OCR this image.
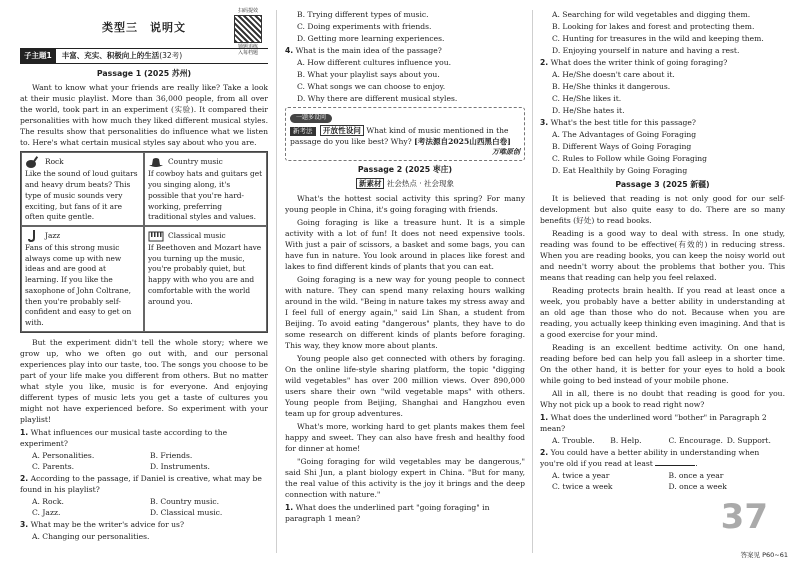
类型三　说明文
扫码提效
锁题追练
入每档题
子主题1	丰富、充实、积极向上的生活 (32考)
Passage 1 (2025 苏州)

Want to know what your friends are really like? Take a look at their music playlist. More than 36,000 people, from all over the world, took part in an experiment (实验). It compared their personalities with how much they liked different musical styles. The results show that personalities do influence what we listen to. Here's what certain musical styles say about who you are.

Rock
Like the sound of loud guitars and heavy drum beats? This type of music sounds very exciting, but fans of it are often quite gentle.
Country music
If cowboy hats and guitars get you singing along, it's possible that you're hard-working, preferring traditional styles and values.
Jazz
Fans of this strong music always come up with new ideas and are good at learning. If you like the saxophone of John Coltrane, then you're probably self-confident and easy to get on with.
Classical music
If Beethoven and Mozart have you turning up the music, you're probably quiet, but happy with who you are and comfortable with the world around you.

But the experiment didn't tell the whole story; where we grow up, who we often go out with, and our personal experiences play into our taste, too. The songs you choose to be part of your life make you different from others. But no matter what style you like, music is for everyone. And enjoying different types of music lets you get a taste of cultures you might not have experienced before. So experiment with your playlist!

1. What influences our musical taste according to the experiment?
A. Personalities.	B. Friends.
C. Parents.	D. Instruments.
2. According to the passage, if Daniel is creative, what may be found in his playlist?
A. Rock.	B. Country music.
C. Jazz.	D. Classical music.
3. What may be the writer's advice for us?
A. Changing our personalities.
B. Trying different types of music.
C. Doing experiments with friends.
D. Getting more learning experiences.
4. What is the main idea of the passage?
A. How different cultures influence you.
B. What your playlist says about you.
C. What songs we can choose to enjoy.
D. Why there are different musical styles.
一题多设问
新考法 开放性设问 What kind of music mentioned in the passage do you like best? Why? [考法源自2025山西黑白卷]
万唯原创
Passage 2 (2025 枣庄)
新素材 社会热点 · 社会现象

What's the hottest social activity this spring? For many young people in China, it's going foraging with friends.

Going foraging is like a treasure hunt. It is a simple activity with a lot of fun! It does not need expensive tools. With just a pair of scissors, a basket and some bags, you can have fun in nature. You look around in places like forest and lakes to find different kinds of plants that you can eat.

Going foraging is a new way for young people to connect with nature. They can spend many relaxing hours walking around in the wild. "Being in nature takes my stress away and I feel full of energy again," said Lin Shan, a student from Beijing. To avoid eating "dangerous" plants, they have to do some research on different kinds of plants before foraging. This way, they know more about plants.

Young people also get connected with others by foraging. On the online life-style sharing platform, the topic "digging wild vegetables" has over 200 million views. Over 890,000 users share their own "wild vegetable maps" with others. Young people from Beijing, Shanghai and Hangzhou even team up for group adventures.

What's more, working hard to get plants makes them feel happy and sweet. They can also have fresh and healthy food for dinner at home!

"Going foraging for wild vegetables may be dangerous," said Shi Jun, a plant biology expert in China. "But for many, the real value of this activity is the joy it brings and the deep connection with nature."

1. What does the underlined part "going foraging" in paragraph 1 mean?
A. Searching for wild vegetables and digging them.
B. Looking for lakes and forest and protecting them.
C. Hunting for treasures in the wild and keeping them.
D. Enjoying yourself in nature and having a rest.
2. What does the writer think of going foraging?
A. He/She doesn't care about it.
B. He/She thinks it dangerous.
C. He/She likes it.
D. He/She hates it.
3. What's the best title for this passage?
A. The Advantages of Going Foraging
B. Different Ways of Going Foraging
C. Rules to Follow while Going Foraging
D. Eat Healthily by Going Foraging
Passage 3 (2025 新疆)

It is believed that reading is not only good for our self-development but also quite easy to do. There are so many benefits (好处) to read books.

Reading is a good way to deal with stress. In one study, reading was found to be effective(有效的) in reducing stress. When you are reading books, you can keep the noisy world out and needn't worry about the problems that bother you. This means that reading can help you feel relaxed.

Reading protects brain health. If you read at least once a week, you probably have a better ability in understanding at an old age than those who do not. Because when you are reading, you actually keep thinking even imagining. And that is a good exercise for your mind.

Reading is an excellent bedtime activity. On one hand, reading before bed can help you fall asleep in a shorter time. On the other hand, it is better for your eyes to hold a book while going to bed instead of your mobile phone.

All in all, there is no doubt that reading is good for you. Why not pick up a book to read right now?

1. What does the underlined word "bother" in Paragraph 2 mean?
A. Trouble.	B. Help.	C. Encourage. D. Support.
2. You could have a better ability in understanding when you're old if you read at least	.
A. twice a year	B. once a year
C. twice a week	D. once a week
37
答案见 P60~61
